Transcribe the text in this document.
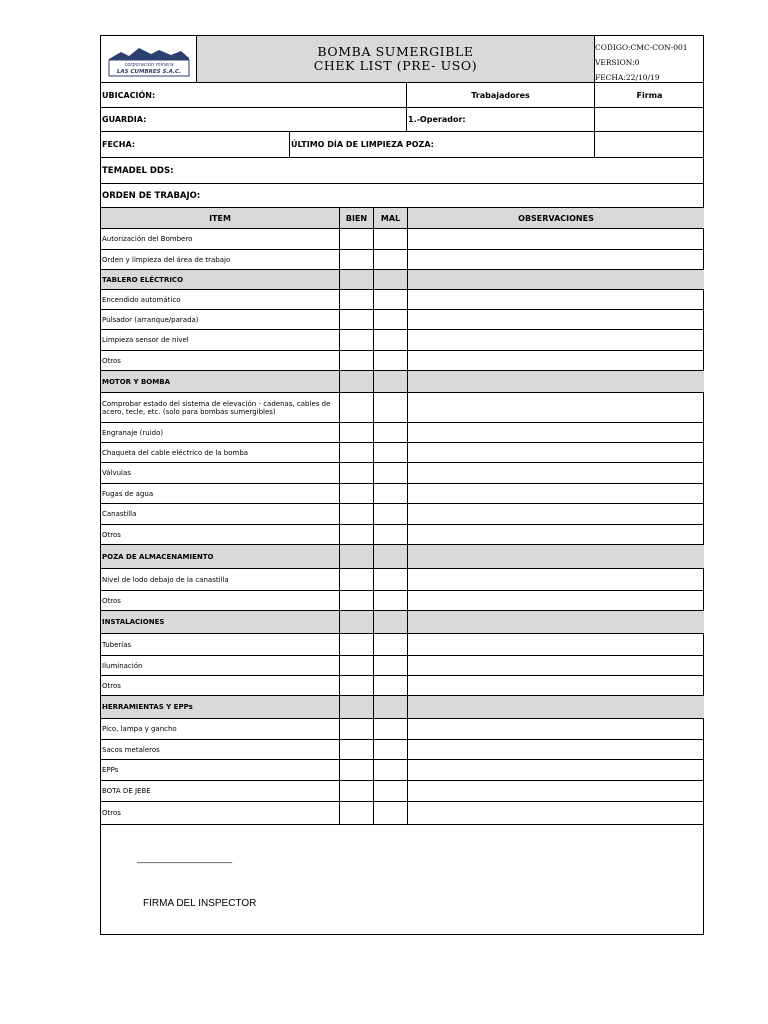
corporación minera
LAS CUMBRES S.A.C.
BOMBA SUMERGIBLE
CHEK LIST (PRE- USO)
CODIGO:CMC-CON-001
VERSION:0
FECHA:22/10/19
UBICACIÓN:	Trabajadores	Firma
GUARDIA:	1.-Operador:
FECHA:	ÚLTIMO DÍA DE LIMPIEZA POZA:
TEMADEL DDS:
ORDEN DE TRABAJO:
___________________
FIRMA DEL INSPECTOR
ITEM	BIEN	MAL	OBSERVACIONES
Autorización del Bombero
Orden y limpieza del área de trabajo
TABLERO ELÉCTRICO
Encendido automático
Pulsador (arranque/parada)
Limpieza sensor de nivel
Otros
MOTOR Y BOMBA
Comprobar estado del sistema de elevación - cadenas, cables de acero, tecle, etc. (solo para bombas sumergibles)
Engranaje (ruido)
Chaqueta del cable eléctrico de la bomba
Válvulas
Fugas de agua
Canastilla
Otros
POZA DE ALMACENAMIENTO
Nivel de lodo debajo de la canastilla
Otros
INSTALACIONES
Tuberías
Iluminación
Otros
HERRAMIENTAS Y EPPs
Pico, lampa y gancho
Sacos metaleros
EPPs
BOTA DE JEBE
Otros
